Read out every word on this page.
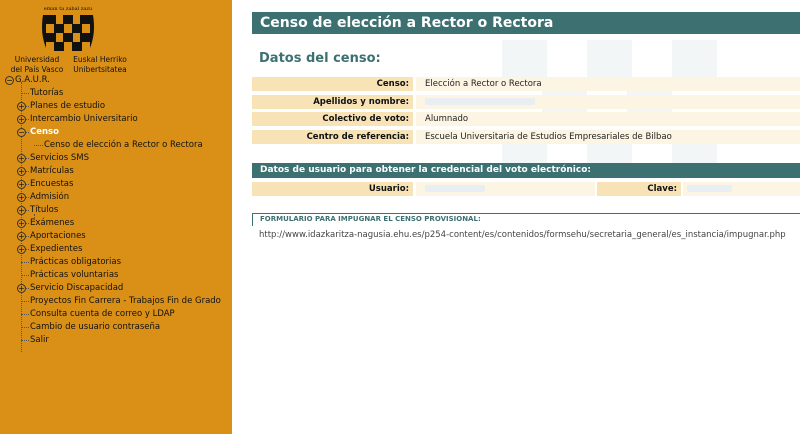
eman ta zabal zazu
Universidad
del País Vasco
Euskal Herriko
Unibertsitatea
− G.A.U.R.
Tutorías
+ Planes de estudio
+ Intercambio Universitario
− Censo
Censo de elección a Rector o Rectora
+ Servicios SMS
+ Matrículas
+ Encuestas
+ Admisión
+ Títulos
+ Exámenes
+ Aportaciones
+ Expedientes
Prácticas obligatorias
Prácticas voluntarias
+ Servicio Discapacidad
Proyectos Fin Carrera - Trabajos Fin de Grado
Consulta cuenta de correo y LDAP
Cambio de usuario contraseña
Salir
Censo de elección a Rector o Rectora
Datos del censo:
Censo:	Elección a Rector o Rectora
Apellidos y nombre:
Colectivo de voto:	Alumnado
Centro de referencia:	Escuela Universitaria de Estudios Empresariales de Bilbao
Datos de usuario para obtener la credencial del voto electrónico:
Usuario:	Clave:
FORMULARIO PARA IMPUGNAR EL CENSO PROVISIONAL:
http://www.idazkaritza-nagusia.ehu.es/p254-content/es/contenidos/formsehu/secretaria_general/es_instancia/impugnar.php
